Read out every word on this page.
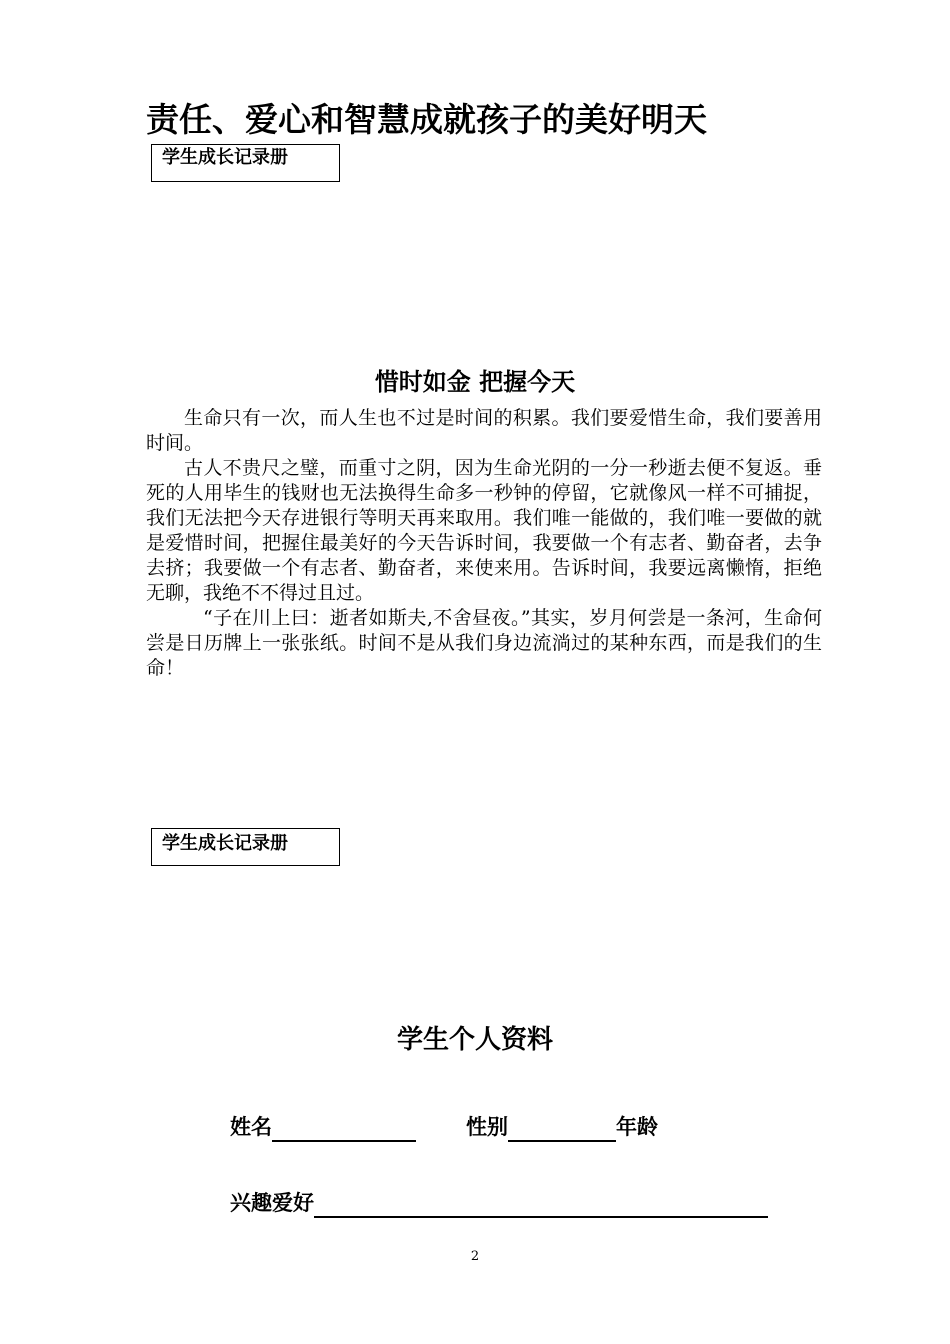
责任、爱心和智慧成就孩子的美好明天
学生成长记录册
惜时如金 把握今天

生命只有一次，而人生也不过是时间的积累。我们要爱惜生命，我们要善用时间。

古人不贵尺之璧，而重寸之阴，因为生命光阴的一分一秒逝去便不复返。垂死的人用毕生的钱财也无法换得生命多一秒钟的停留，它就像风一样不可捕捉，我们无法把今天存进银行等明天再来取用。我们唯一能做的，我们唯一要做的就是爱惜时间，把握住最美好的今天告诉时间，我要做一个有志者、勤奋者，去争去挤；我要做一个有志者、勤奋者，来使来用。告诉时间，我要远离懒惰，拒绝无聊，我绝不不得过且过。

“子在川上曰：逝者如斯夫,不舍昼夜。”其实，岁月何尝是一条河，生命何尝是日历牌上一张张纸。时间不是从我们身边流淌过的某种东西，而是我们的生命！

学生成长记录册
学生个人资料
姓名	性别	年龄
兴趣爱好
2
